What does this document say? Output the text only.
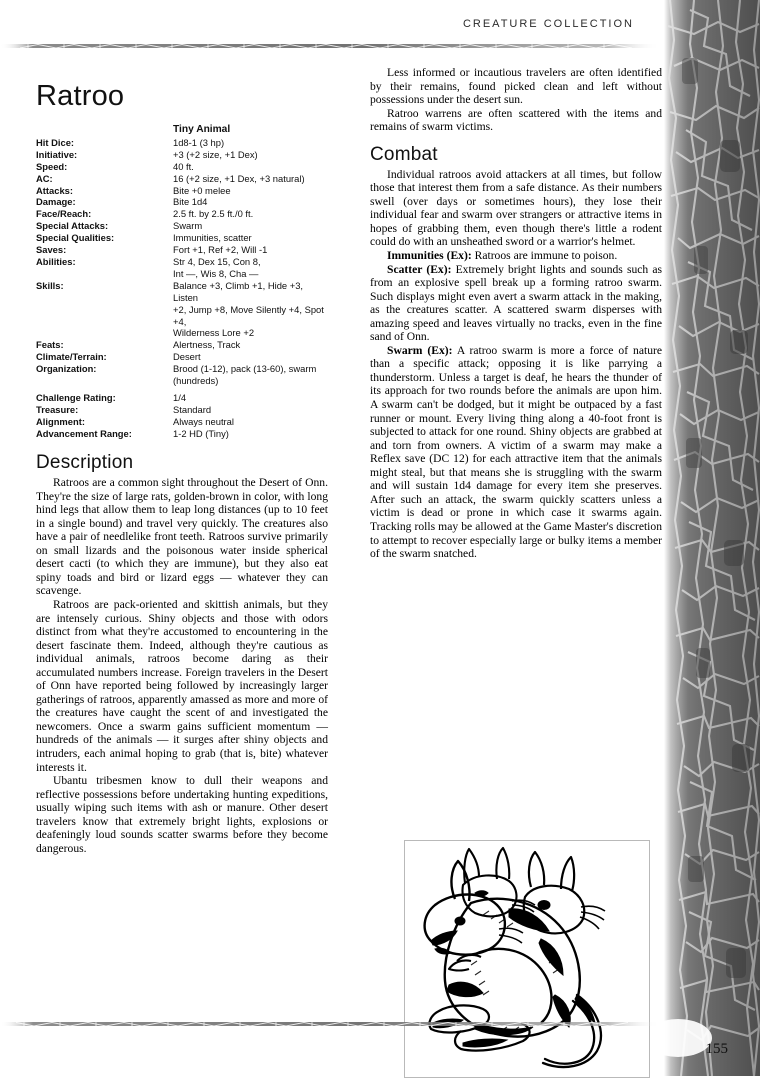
CREATURE COLLECTION
Ratroo
Tiny Animal
Hit Dice:	1d8-1 (3 hp)
Initiative:	+3 (+2 size, +1 Dex)
Speed:	40 ft.
AC:	16 (+2 size, +1 Dex, +3 natural)
Attacks:	Bite +0 melee
Damage:	Bite 1d4
Face/Reach:	2.5 ft. by 2.5 ft./0 ft.
Special Attacks:	Swarm
Special Qualities:	Immunities, scatter
Saves:	Fort +1, Ref +2, Will -1
Abilities:	Str 4, Dex 15, Con 8,
Int —, Wis 8, Cha —
Skills:	Balance +3, Climb +1, Hide +3, Listen
+2, Jump +8, Move Silently +4, Spot +4,
Wilderness Lore +2
Feats:	Alertness, Track
Climate/Terrain:	Desert
Organization:	Brood (1-12), pack (13-60), swarm
(hundreds)
Challenge Rating:	1/4
Treasure:	Standard
Alignment:	Always neutral
Advancement Range:	1-2 HD (Tiny)
Description

Ratroos are a common sight throughout the Desert of Onn. They're the size of large rats, golden-brown in color, with long hind legs that allow them to leap long distances (up to 10 feet in a single bound) and travel very quickly. The creatures also have a pair of needlelike front teeth. Ratroos survive primarily on small lizards and the poisonous water inside spherical desert cacti (to which they are immune), but they also eat spiny toads and bird or lizard eggs — whatever they can scavenge.

Ratroos are pack-oriented and skittish animals, but they are intensely curious. Shiny objects and those with odors distinct from what they're accustomed to encountering in the desert fascinate them. Indeed, although they're cautious as individual animals, ratroos become daring as their accumulated numbers increase. Foreign travelers in the Desert of Onn have reported being followed by increasingly larger gatherings of ratroos, apparently amassed as more and more of the creatures have caught the scent of and investigated the newcomers. Once a swarm gains sufficient momentum — hundreds of the animals — it surges after shiny objects and intruders, each animal hoping to grab (that is, bite) whatever interests it.

Ubantu tribesmen know to dull their weapons and reflective possessions before undertaking hunting expeditions, usually wiping such items with ash or manure. Other desert travelers know that extremely bright lights, explosions or deafeningly loud sounds scatter swarms before they become dangerous.

Less informed or incautious travelers are often identified by their remains, found picked clean and left without possessions under the desert sun.

Ratroo warrens are often scattered with the items and remains of swarm victims.

Combat

Individual ratroos avoid attackers at all times, but follow those that interest them from a safe distance. As their numbers swell (over days or sometimes hours), they lose their individual fear and swarm over strangers or attractive items in hopes of grabbing them, even though there's little a rodent could do with an unsheathed sword or a warrior's helmet.

Immunities (Ex): Ratroos are immune to poison.

Scatter (Ex): Extremely bright lights and sounds such as from an explosive spell break up a forming ratroo swarm. Such displays might even avert a swarm attack in the making, as the creatures scatter. A scattered swarm disperses with amazing speed and leaves virtually no tracks, even in the fine sand of Onn.

Swarm (Ex): A ratroo swarm is more a force of nature than a specific attack; opposing it is like parrying a thunderstorm. Unless a target is deaf, he hears the thunder of its approach for two rounds before the animals are upon him. A swarm can't be dodged, but it might be outpaced by a fast runner or mount. Every living thing along a 40-foot front is subjected to attack for one round. Shiny objects are grabbed at and torn from owners. A victim of a swarm may make a Reflex save (DC 12) for each attractive item that the animals might steal, but that means she is struggling with the swarm and will sustain 1d4 damage for every item she preserves. After such an attack, the swarm quickly scatters unless a victim is dead or prone in which case it swarms again. Tracking rolls may be allowed at the Game Master's discretion to attempt to recover especially large or bulky items a member of the swarm snatched.

155
